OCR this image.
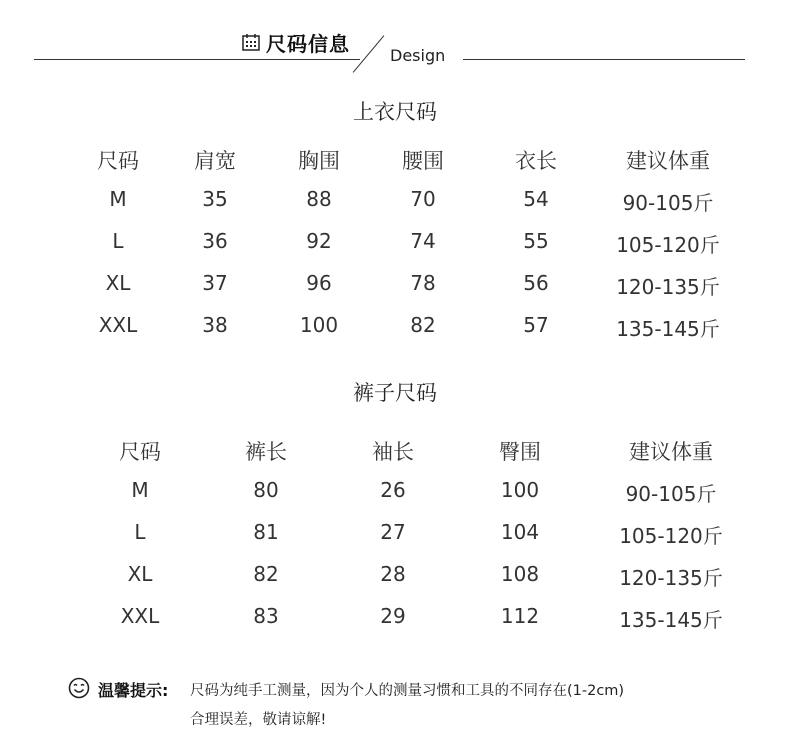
尺码信息	Design
上衣尺码
尺码	肩宽	胸围	腰围	衣长	建议体重
M	35	88	70	54	90-105斤
L	36	92	74	55	105-120斤
XL	37	96	78	56	120-135斤
XXL	38	100	82	57	135-145斤
裤子尺码
尺码	裤长	袖长	臀围	建议体重
M	80	26	100	90-105斤
L	81	27	104	105-120斤
XL	82	28	108	120-135斤
XXL	83	29	112	135-145斤
温馨提示: 尺码为纯手工测量，因为个人的测量习惯和工具的不同存在(1-2cm)
合理误差，敬请谅解!
